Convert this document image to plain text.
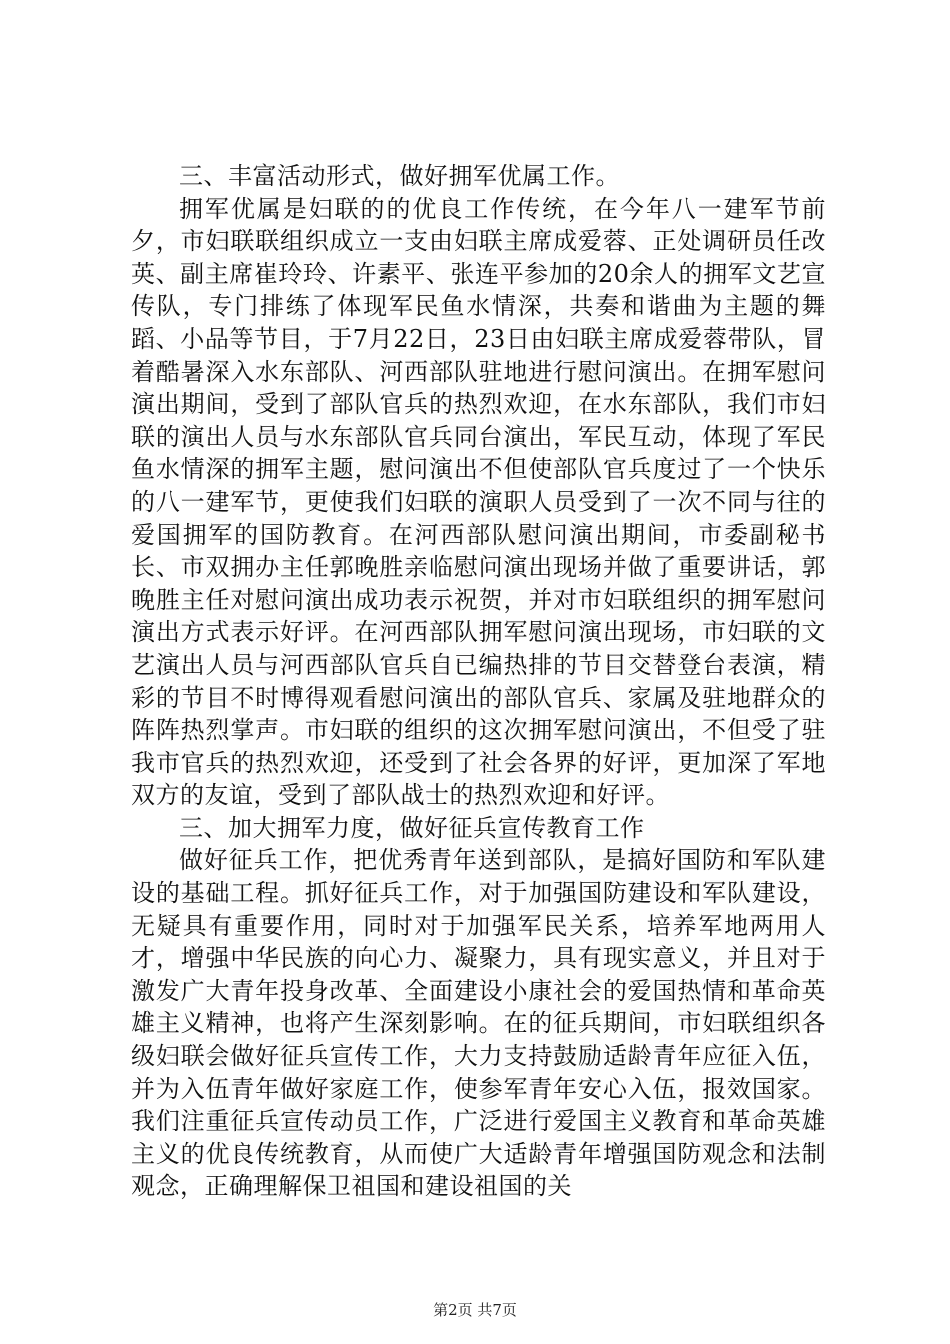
三、丰富活动形式，做好拥军优属工作。

拥军优属是妇联的的优良工作传统，在今年八一建军节前夕，市妇联联组织成立一支由妇联主席成爱蓉、正处调研员任改英、副主席崔玲玲、许素平、张连平参加的20余人的拥军文艺宣传队，专门排练了体现军民鱼水情深，共奏和谐曲为主题的舞蹈、小品等节目，于7月22日，23日由妇联主席成爱蓉带队，冒着酷暑深入水东部队、河西部队驻地进行慰问演出。在拥军慰问演出期间，受到了部队官兵的热烈欢迎，在水东部队，我们市妇联的演出人员与水东部队官兵同台演出，军民互动，体现了军民鱼水情深的拥军主题，慰问演出不但使部队官兵度过了一个快乐的八一建军节，更使我们妇联的演职人员受到了一次不同与往的爱国拥军的国防教育。在河西部队慰问演出期间，市委副秘书长、市双拥办主任郭晚胜亲临慰问演出现场并做了重要讲话，郭晚胜主任对慰问演出成功表示祝贺，并对市妇联组织的拥军慰问演出方式表示好评。在河西部队拥军慰问演出现场，市妇联的文艺演出人员与河西部队官兵自已编热排的节目交替登台表演，精彩的节目不时博得观看慰问演出的部队官兵、家属及驻地群众的阵阵热烈掌声。市妇联的组织的这次拥军慰问演出，不但受了驻我市官兵的热烈欢迎，还受到了社会各界的好评，更加深了军地双方的友谊，受到了部队战士的热烈欢迎和好评。

三、加大拥军力度，做好征兵宣传教育工作

做好征兵工作，把优秀青年送到部队，是搞好国防和军队建设的基础工程。抓好征兵工作，对于加强国防建设和军队建设，无疑具有重要作用，同时对于加强军民关系，培养军地两用人才，增强中华民族的向心力、凝聚力，具有现实意义，并且对于激发广大青年投身改革、全面建设小康社会的爱国热情和革命英雄主义精神，也将产生深刻影响。在的征兵期间，市妇联组织各级妇联会做好征兵宣传工作，大力支持鼓励适龄青年应征入伍，并为入伍青年做好家庭工作，使参军青年安心入伍，报效国家。我们注重征兵宣传动员工作，广泛进行爱国主义教育和革命英雄主义的优良传统教育，从而使广大适龄青年增强国防观念和法制观念，正确理解保卫祖国和建设祖国的关

第2页 共7页
